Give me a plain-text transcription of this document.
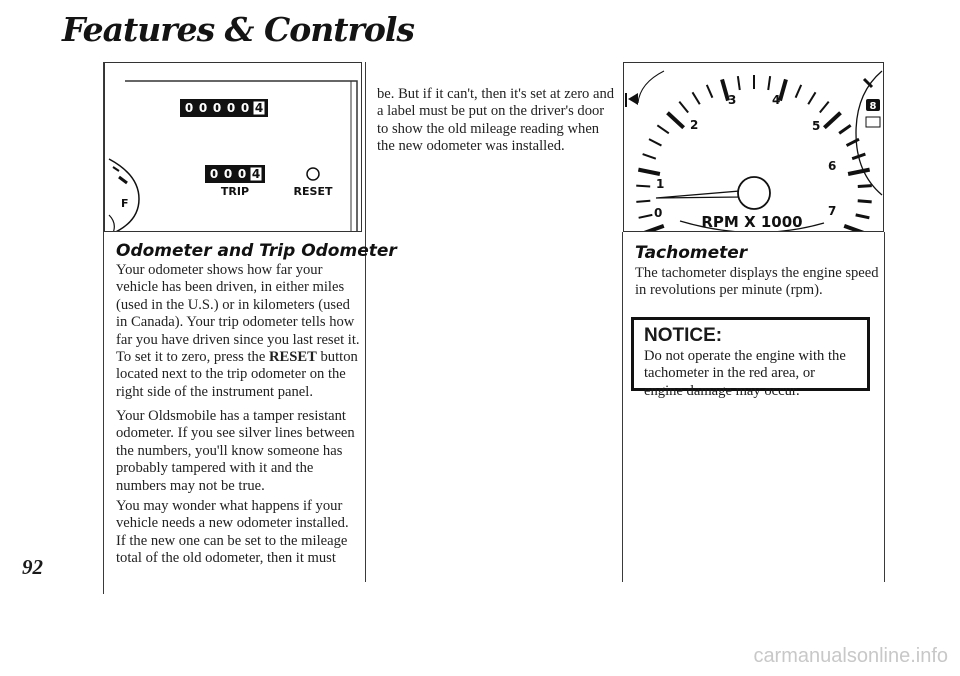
Features & Controls
92
0 0 0 0 0 4
0 0 0 4
TRIP	RESET
F
Odometer and Trip Odometer

Your odometer shows how far your vehicle has been driven, in either miles (used in the U.S.) or in kilometers (used in Canada). Your trip odometer tells how far you have driven since you last reset it. To set it to zero, press the RESET button located next to the trip odometer on the right side of the instrument panel.

Your Oldsmobile has a tamper resistant odometer. If you see silver lines between the numbers, you'll know someone has probably tampered with it and the numbers may not be true.

You may wonder what happens if your vehicle needs a new odometer installed. If the new one can be set to the mileage total of the old odometer, then it must

be. But if it can't, then it's set at zero and a label must be put on the driver's door to show the old mileage reading when the new odometer was installed.

0
1
2
3	4
5
6
7
RPM X 1000
8
Tachometer

The tachometer displays the engine speed in revolutions per minute (rpm).

NOTICE:
Do not operate the engine with the tachometer in the red area, or engine damage may occur.
carmanualsonline.info
